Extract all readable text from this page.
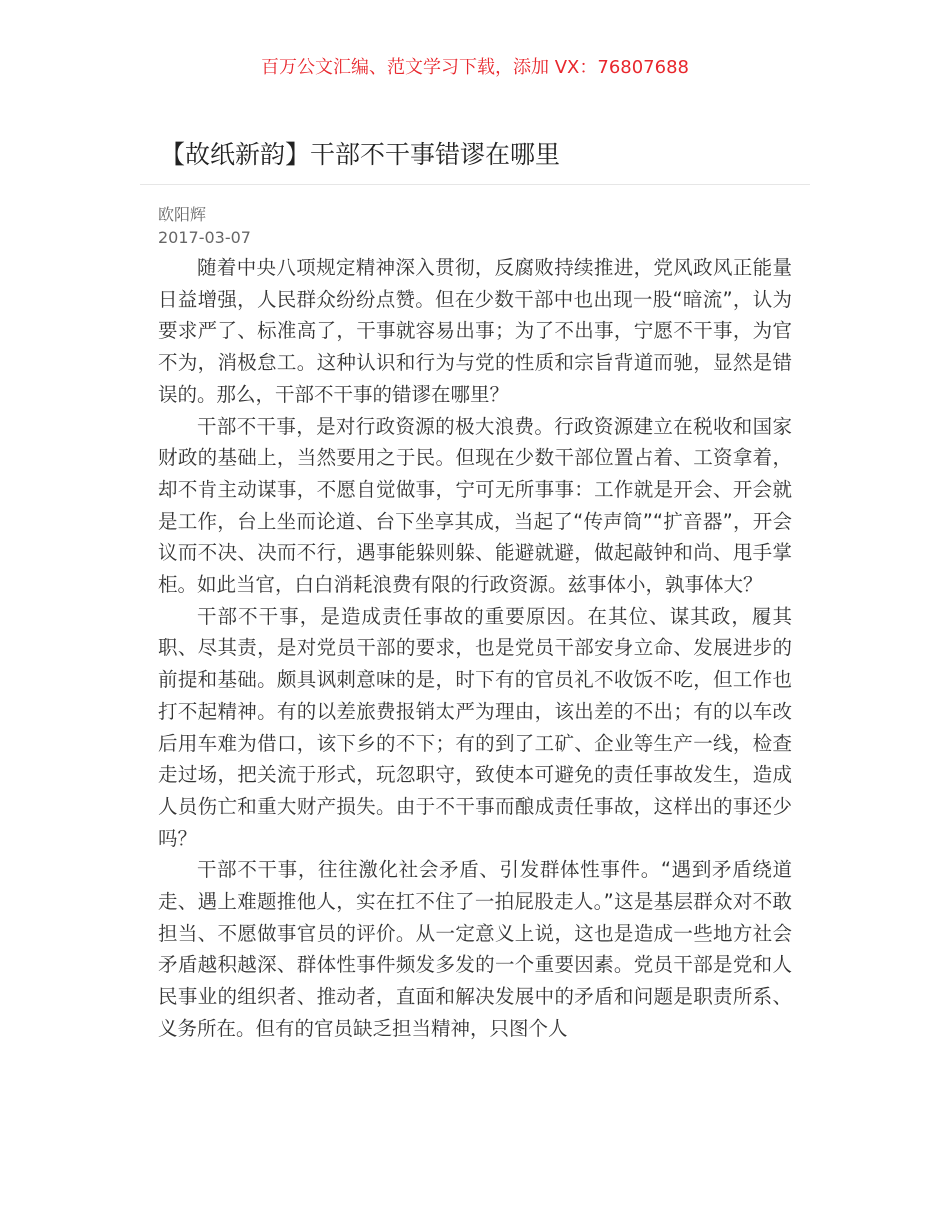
百万公文汇编、范文学习下载，添加 VX：76807688
【故纸新韵】干部不干事错谬在哪里
欧阳辉
2017-03-07

随着中央八项规定精神深入贯彻，反腐败持续推进，党风政风正能量日益增强，人民群众纷纷点赞。但在少数干部中也出现一股“暗流”，认为要求严了、标准高了，干事就容易出事；为了不出事，宁愿不干事，为官不为，消极怠工。这种认识和行为与党的性质和宗旨背道而驰，显然是错误的。那么，干部不干事的错谬在哪里？

干部不干事，是对行政资源的极大浪费。行政资源建立在税收和国家财政的基础上，当然要用之于民。但现在少数干部位置占着、工资拿着，却不肯主动谋事，不愿自觉做事，宁可无所事事：工作就是开会、开会就是工作，台上坐而论道、台下坐享其成，当起了“传声筒”“扩音器”，开会议而不决、决而不行，遇事能躲则躲、能避就避，做起敲钟和尚、甩手掌柜。如此当官，白白消耗浪费有限的行政资源。兹事体小，孰事体大？

干部不干事，是造成责任事故的重要原因。在其位、谋其政，履其职、尽其责，是对党员干部的要求，也是党员干部安身立命、发展进步的前提和基础。颇具讽刺意味的是，时下有的官员礼不收饭不吃，但工作也打不起精神。有的以差旅费报销太严为理由，该出差的不出；有的以车改后用车难为借口，该下乡的不下；有的到了工矿、企业等生产一线，检查走过场，把关流于形式，玩忽职守，致使本可避免的责任事故发生，造成人员伤亡和重大财产损失。由于不干事而酿成责任事故，这样出的事还少吗？

干部不干事，往往激化社会矛盾、引发群体性事件。“遇到矛盾绕道走、遇上难题推他人，实在扛不住了一拍屁股走人。”这是基层群众对不敢担当、不愿做事官员的评价。从一定意义上说，这也是造成一些地方社会矛盾越积越深、群体性事件频发多发的一个重要因素。党员干部是党和人民事业的组织者、推动者，直面和解决发展中的矛盾和问题是职责所系、义务所在。但有的官员缺乏担当精神，只图个人
